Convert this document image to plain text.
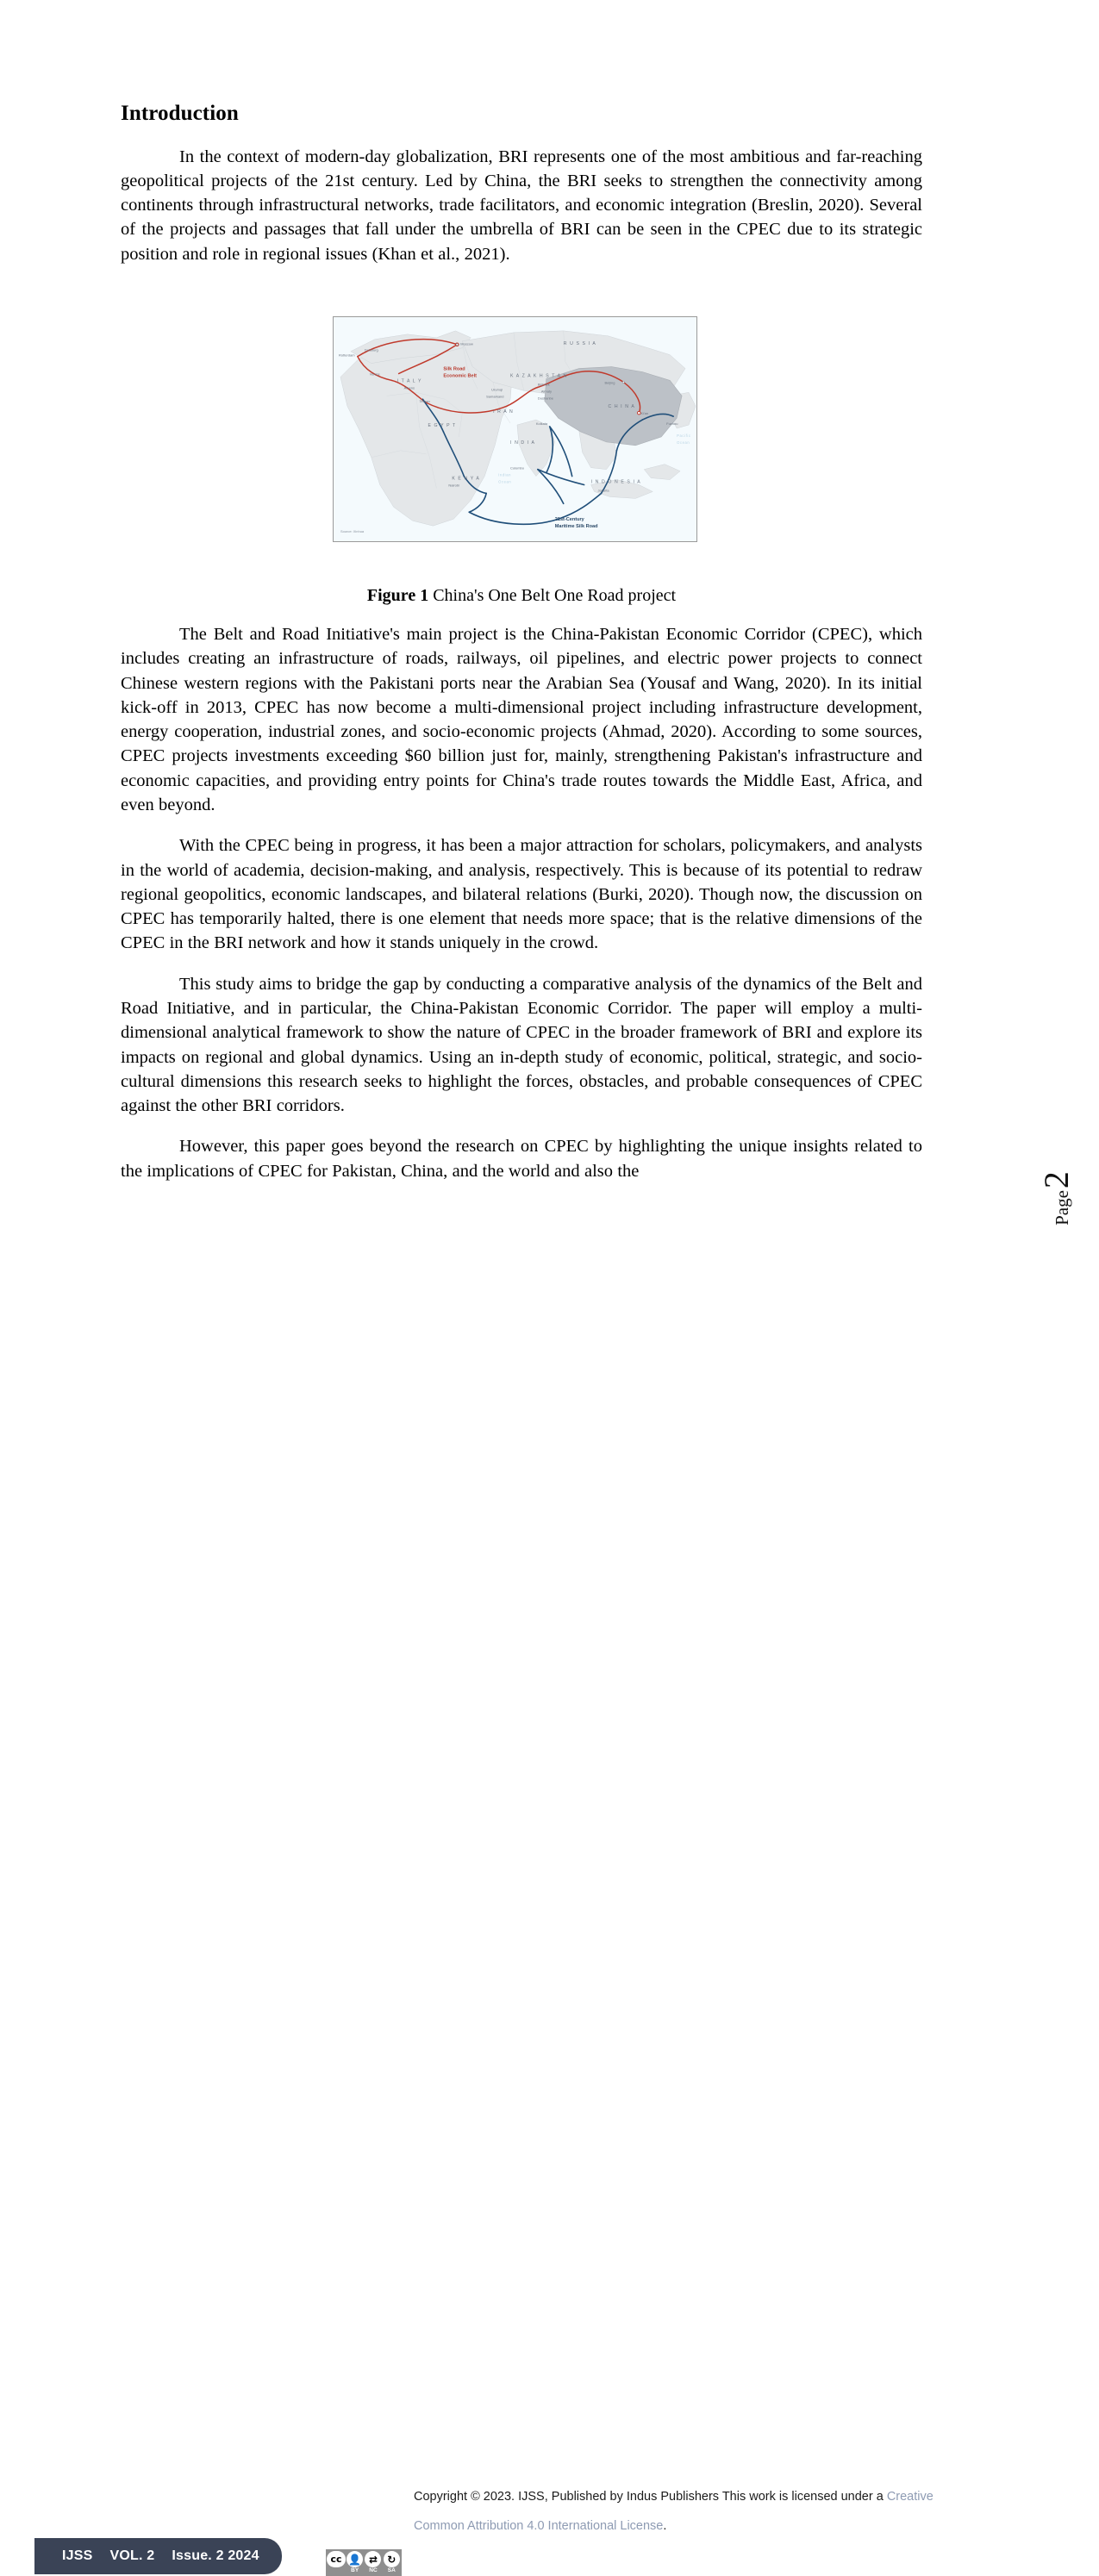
Introduction

In the context of modern-day globalization, BRI represents one of the most ambitious and far-reaching geopolitical projects of the 21st century. Led by China, the BRI seeks to strengthen the connectivity among continents through infrastructural networks, trade facilitators, and economic integration (Breslin, 2020). Several of the projects and passages that fall under the umbrella of BRI can be seen in the CPEC due to its strategic position and role in regional issues (Khan et al., 2021).

R U S S I A
K A Z A K H S T A N
I R A N
C H I N A
I N D I A
E G Y P T
K E N Y A
I N D O N E S I A
I T A L Y
Moscow
Rotterdam
Duisburg
Venice
Athens
Tehran
Beijing
Xi'an
Urumqi
Samarkand
Bishkek
Dushanbe
Almaty
Kolkata
Colombo
Nairobi
Jakarta
Fuzhou
Indian
Ocean
Pacific
Ocean
Silk Road
Economic Belt
21st-Century
Maritime Silk Road
Source: Xinhua
Figure 1 China's One Belt One Road project

The Belt and Road Initiative's main project is the China-Pakistan Economic Corridor (CPEC), which includes creating an infrastructure of roads, railways, oil pipelines, and electric power projects to connect Chinese western regions with the Pakistani ports near the Arabian Sea (Yousaf and Wang, 2020). In its initial kick-off in 2013, CPEC has now become a multi-dimensional project including infrastructure development, energy cooperation, industrial zones, and socio-economic projects (Ahmad, 2020). According to some sources, CPEC projects investments exceeding $60 billion just for, mainly, strengthening Pakistan's infrastructure and economic capacities, and providing entry points for China's trade routes towards the Middle East, Africa, and even beyond.

With the CPEC being in progress, it has been a major attraction for scholars, policymakers, and analysts in the world of academia, decision-making, and analysis, respectively. This is because of its potential to redraw regional geopolitics, economic landscapes, and bilateral relations (Burki, 2020). Though now, the discussion on CPEC has temporarily halted, there is one element that needs more space; that is the relative dimensions of the CPEC in the BRI network and how it stands uniquely in the crowd.

This study aims to bridge the gap by conducting a comparative analysis of the dynamics of the Belt and Road Initiative, and in particular, the China-Pakistan Economic Corridor. The paper will employ a multi-dimensional analytical framework to show the nature of CPEC in the broader framework of BRI and explore its impacts on regional and global dynamics. Using an in-depth study of economic, political, strategic, and socio-cultural dimensions this research seeks to highlight the forces, obstacles, and probable consequences of CPEC against the other BRI corridors.

However, this paper goes beyond the research on CPEC by highlighting the unique insights related to the implications of CPEC for Pakistan, China, and the world and also the

Page
2
IJSS VOL. 2 Issue. 2 2024	cc 👤
BY
⇄
NC
↻
SA
Copyright © 2023. IJSS, Published by Indus Publishers This work is licensed under a Creative
Common Attribution 4.0 International License.
